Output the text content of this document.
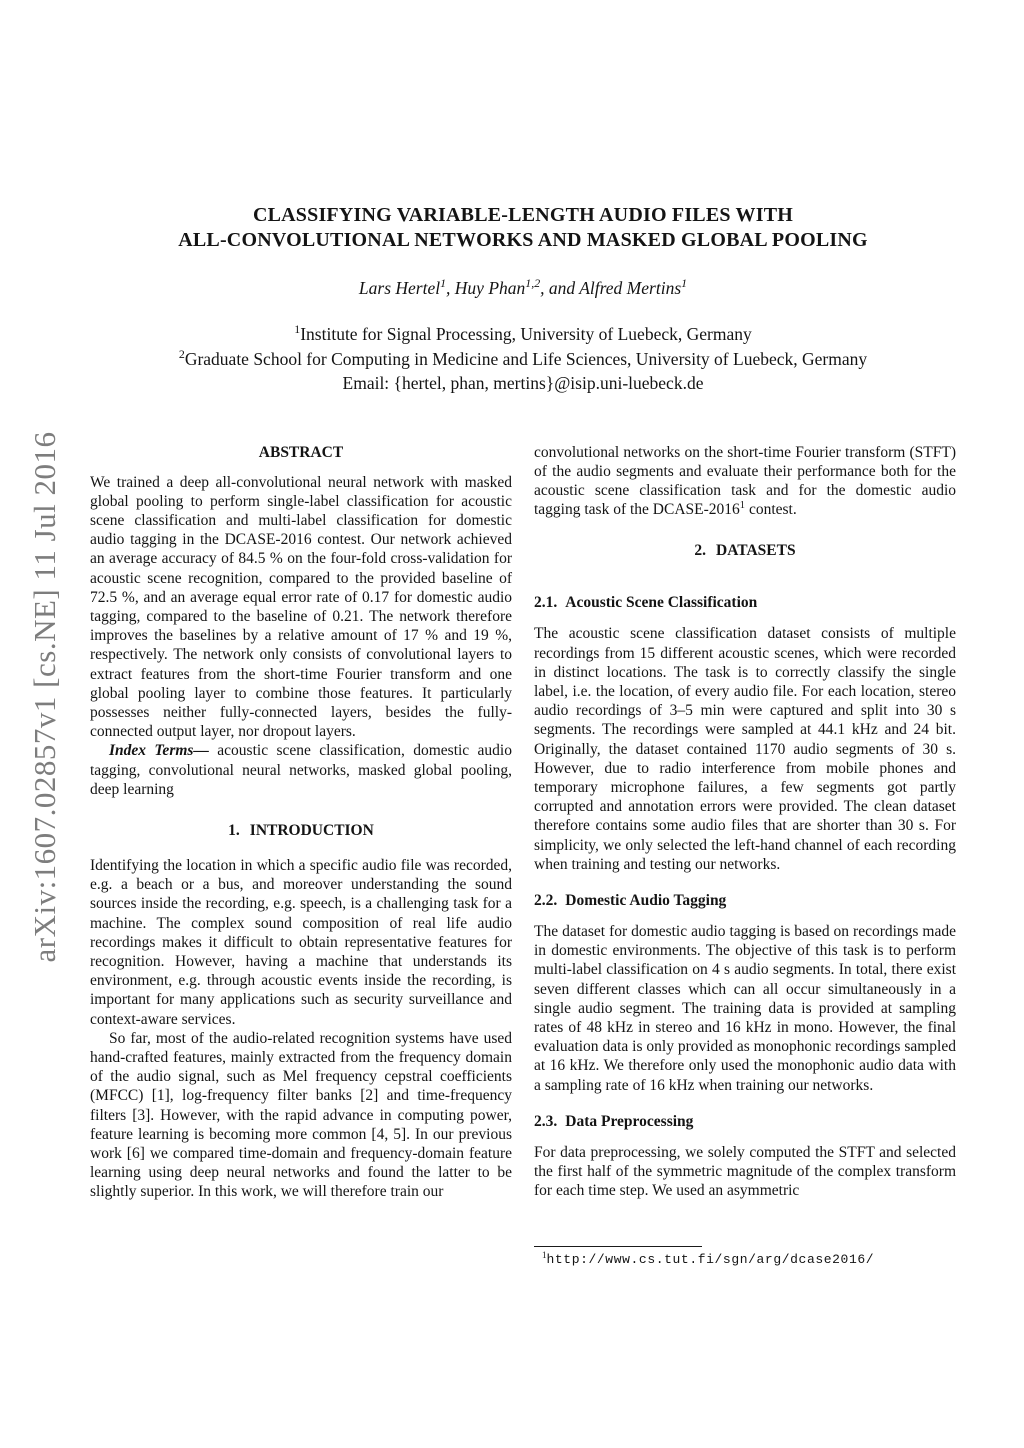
arXiv:1607.02857v1 [cs.NE] 11 Jul 2016
CLASSIFYING VARIABLE-LENGTH AUDIO FILES WITH
ALL-CONVOLUTIONAL NETWORKS AND MASKED GLOBAL POOLING
Lars Hertel$^1$, Huy Phan$^{1,2}$, and Alfred Mertins$^1$
$^1$Institute for Signal Processing, University of Luebeck, Germany
$^2$Graduate School for Computing in Medicine and Life Sciences, University of Luebeck, Germany
Email: {hertel, phan, mertins}@isip.uni-luebeck.de
ABSTRACT

We trained a deep all-convolutional neural network with masked global pooling to perform single-label classification for acoustic scene classification and multi-label classification for domestic audio tagging in the DCASE-2016 contest. Our network achieved an average accuracy of 84.5 % on the four-fold cross-validation for acoustic scene recognition, compared to the provided baseline of 72.5 %, and an average equal error rate of 0.17 for domestic audio tagging, compared to the baseline of 0.21. The network therefore improves the baselines by a relative amount of 17 % and 19 %, respectively. The network only consists of convolutional layers to extract features from the short-time Fourier transform and one global pooling layer to combine those features. It particularly possesses neither fully-connected layers, besides the fully-connected output layer, nor dropout layers.

Index Terms— acoustic scene classification, domestic audio tagging, convolutional neural networks, masked global pooling, deep learning

1. INTRODUCTION

Identifying the location in which a specific audio file was recorded, e.g. a beach or a bus, and moreover understanding the sound sources inside the recording, e.g. speech, is a challenging task for a machine. The complex sound composition of real life audio recordings makes it difficult to obtain representative features for recognition. However, having a machine that understands its environment, e.g. through acoustic events inside the recording, is important for many applications such as security surveillance and context-aware services.

So far, most of the audio-related recognition systems have used hand-crafted features, mainly extracted from the frequency domain of the audio signal, such as Mel frequency cepstral coefficients (MFCC) [1], log-frequency filter banks [2] and time-frequency filters [3]. However, with the rapid advance in computing power, feature learning is becoming more common [4, 5]. In our previous work [6] we compared time-domain and frequency-domain feature learning using deep neural networks and found the latter to be slightly superior. In this work, we will therefore train our

convolutional networks on the short-time Fourier transform (STFT) of the audio segments and evaluate their performance both for the acoustic scene classification task and for the domestic audio tagging task of the DCASE-2016$^1$ contest.

2. DATASETS
2.1. Acoustic Scene Classification

The acoustic scene classification dataset consists of multiple recordings from 15 different acoustic scenes, which were recorded in distinct locations. The task is to correctly classify the single label, i.e. the location, of every audio file. For each location, stereo audio recordings of 3–5 min were captured and split into 30 s segments. The recordings were sampled at 44.1 kHz and 24 bit. Originally, the dataset contained 1170 audio segments of 30 s. However, due to radio interference from mobile phones and temporary microphone failures, a few segments got partly corrupted and annotation errors were provided. The clean dataset therefore contains some audio files that are shorter than 30 s. For simplicity, we only selected the left-hand channel of each recording when training and testing our networks.

2.2. Domestic Audio Tagging

The dataset for domestic audio tagging is based on recordings made in domestic environments. The objective of this task is to perform multi-label classification on 4 s audio segments. In total, there exist seven different classes which can all occur simultaneously in a single audio segment. The training data is provided at sampling rates of 48 kHz in stereo and 16 kHz in mono. However, the final evaluation data is only provided as monophonic recordings sampled at 16 kHz. We therefore only used the monophonic audio data with a sampling rate of 16 kHz when training our networks.

2.3. Data Preprocessing

For data preprocessing, we solely computed the STFT and selected the first half of the symmetric magnitude of the complex transform for each time step. We used an asymmetric

$^1$http://www.cs.tut.fi/sgn/arg/dcase2016/
